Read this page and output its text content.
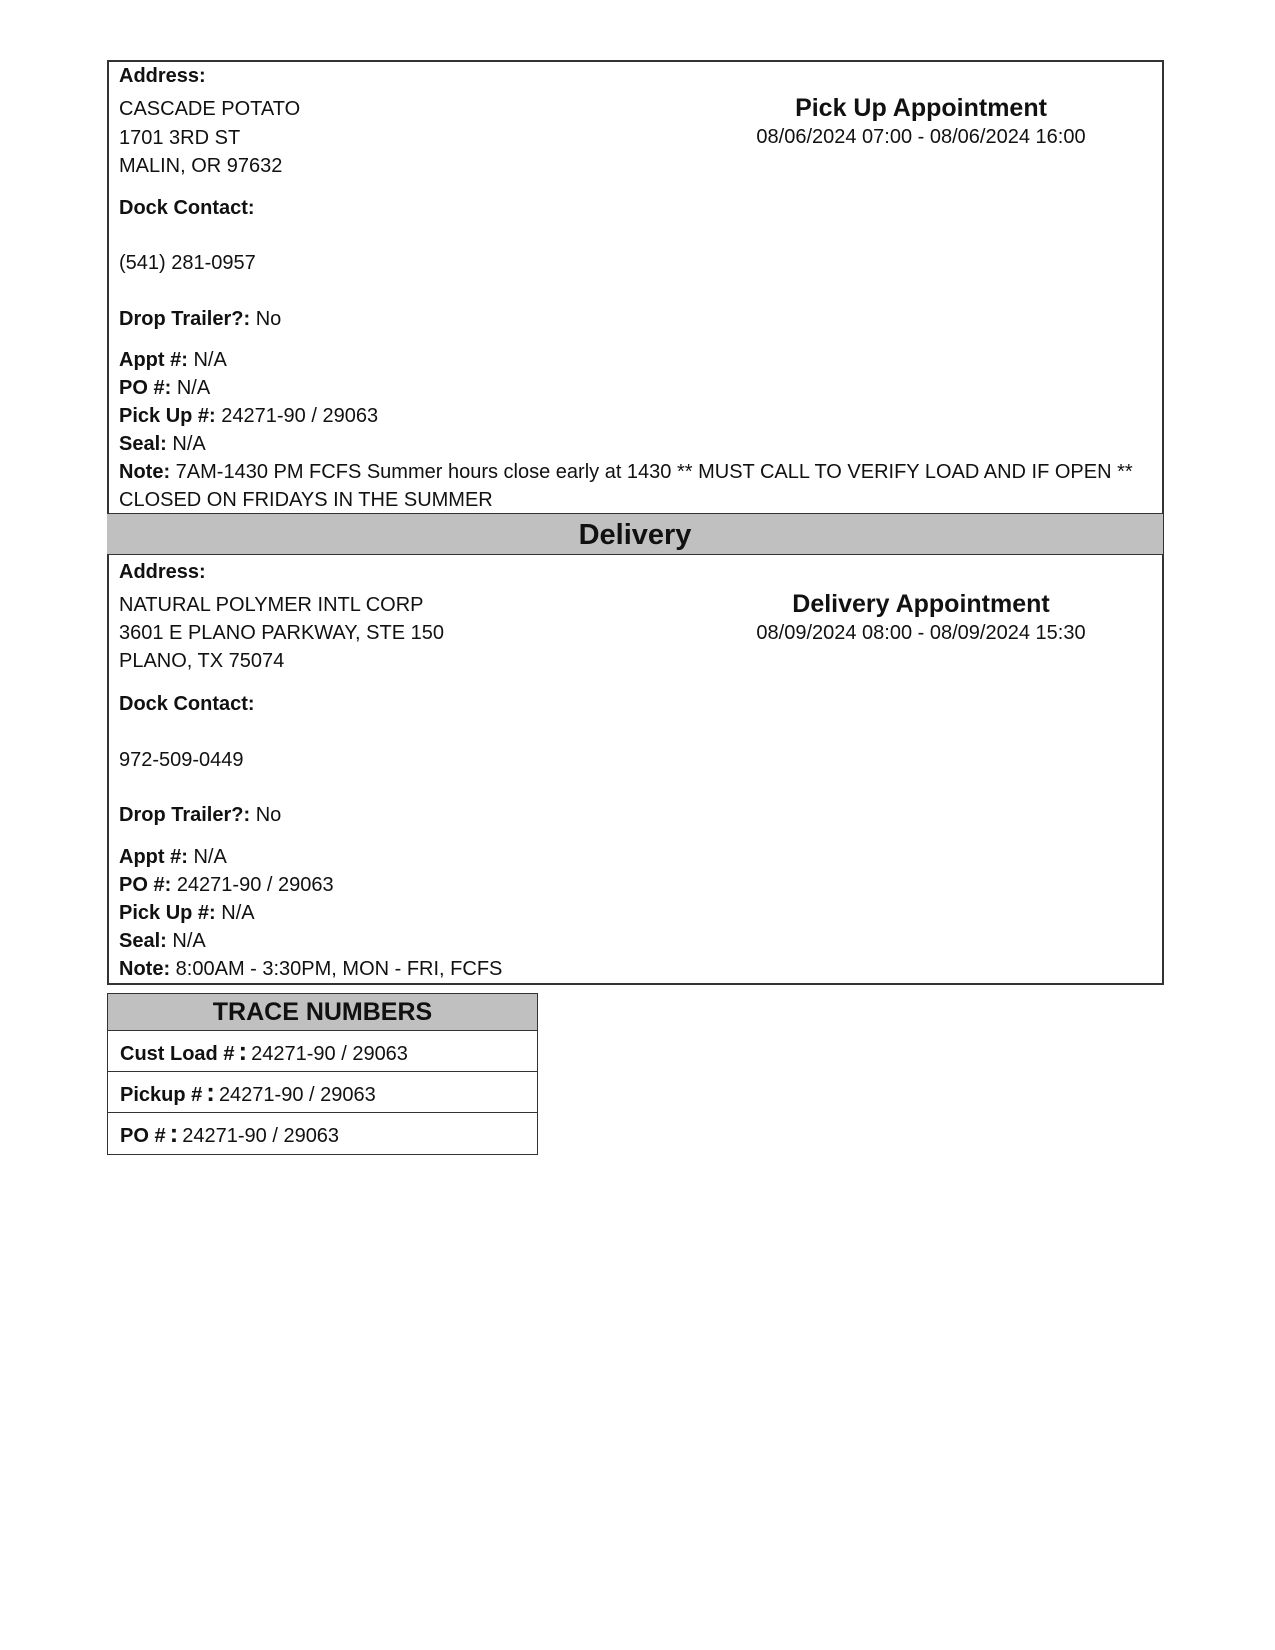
Address:
CASCADE POTATO
1701 3RD ST
MALIN, OR 97632
Pick Up Appointment
08/06/2024 07:00 - 08/06/2024 16:00
Dock Contact:
(541) 281-0957
Drop Trailer?: No
Appt #: N/A
PO #: N/A
Pick Up #: 24271-90 / 29063
Seal: N/A
Note: 7AM-1430 PM FCFS Summer hours close early at 1430 ** MUST CALL TO VERIFY LOAD AND IF OPEN **
CLOSED ON FRIDAYS IN THE SUMMER
Delivery
Address:
NATURAL POLYMER INTL CORP
3601 E PLANO PARKWAY, STE 150
PLANO, TX 75074
Delivery Appointment
08/09/2024 08:00 - 08/09/2024 15:30
Dock Contact:
972-509-0449
Drop Trailer?: No
Appt #: N/A
PO #: 24271-90 / 29063
Pick Up #: N/A
Seal: N/A
Note: 8:00AM - 3:30PM, MON - FRI, FCFS
TRACE NUMBERS
Cust Load # : 24271-90 / 29063
Pickup # : 24271-90 / 29063
PO # : 24271-90 / 29063
